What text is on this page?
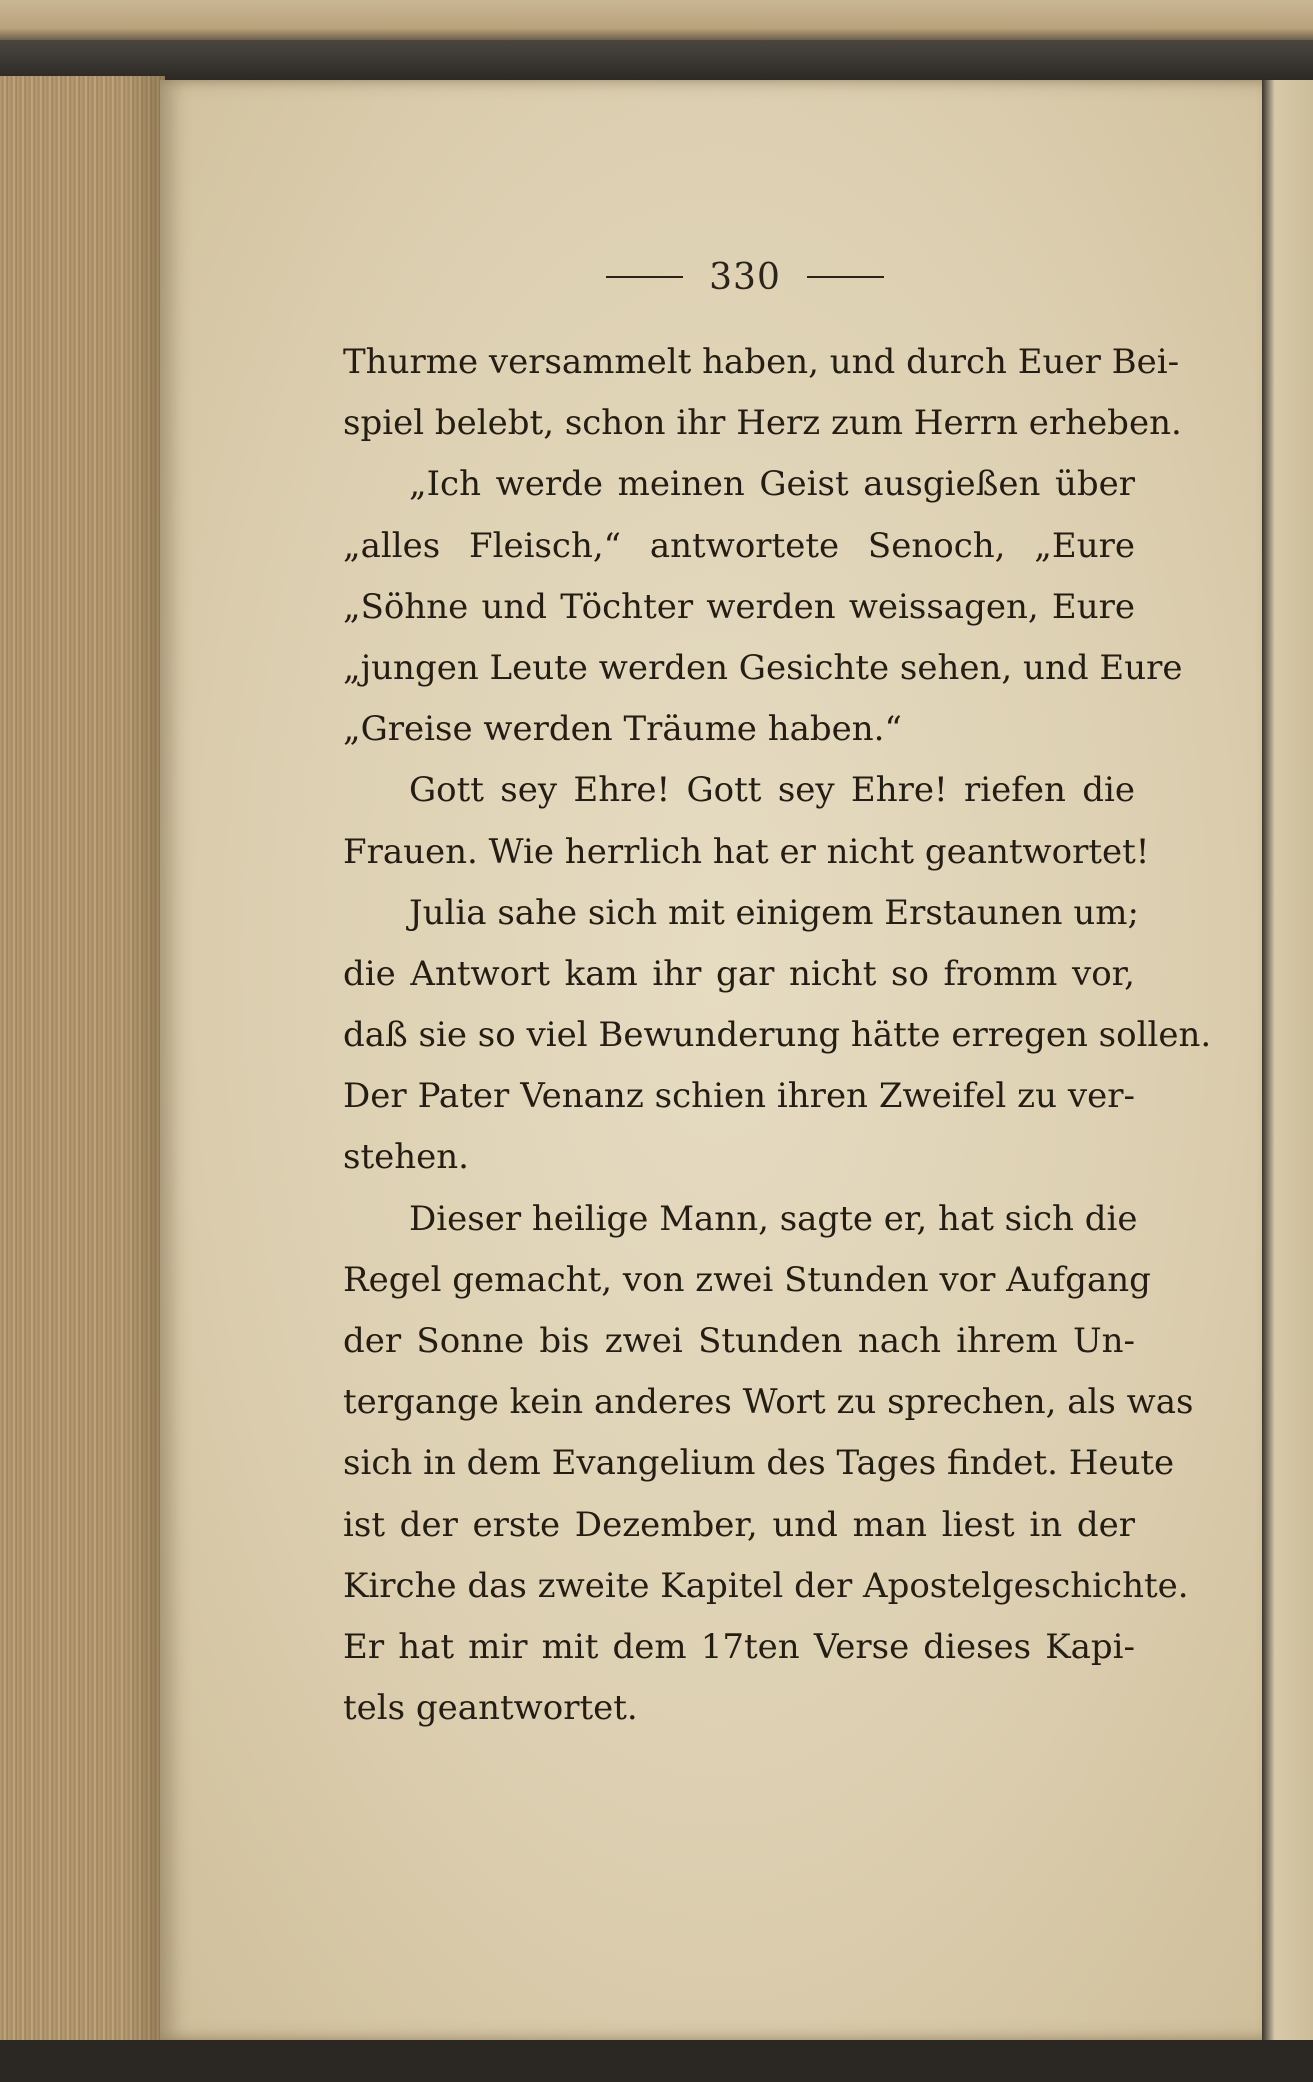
330
Thurme versammelt haben, und durch Euer Bei-
spiel belebt, schon ihr Herz zum Herrn erheben.
„Ich werde meinen Geist ausgießen über
„alles Fleisch,“ antwortete Senoch, „Eure
„Söhne und Töchter werden weissagen, Eure
„jungen Leute werden Gesichte sehen, und Eure
„Greise werden Träume haben.“
Gott sey Ehre! Gott sey Ehre! riefen die
Frauen. Wie herrlich hat er nicht geantwortet!
Julia sahe sich mit einigem Erstaunen um;
die Antwort kam ihr gar nicht so fromm vor,
daß sie so viel Bewunderung hätte erregen sollen.
Der Pater Venanz schien ihren Zweifel zu ver-
stehen.
Dieser heilige Mann, sagte er, hat sich die
Regel gemacht, von zwei Stunden vor Aufgang
der Sonne bis zwei Stunden nach ihrem Un-
tergange kein anderes Wort zu sprechen, als was
sich in dem Evangelium des Tages findet. Heute
ist der erste Dezember, und man liest in der
Kirche das zweite Kapitel der Apostelgeschichte.
Er hat mir mit dem 17ten Verse dieses Kapi-
tels geantwortet.
